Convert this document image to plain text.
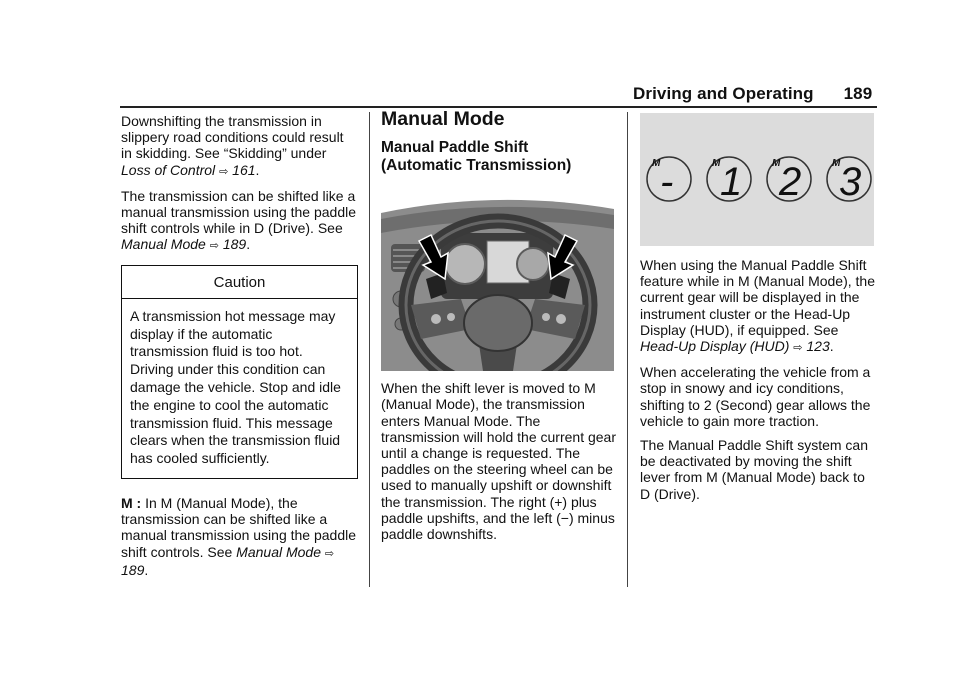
Driving and Operating 189

Downshifting the transmission in slippery road conditions could result in skidding. See “Skidding” under Loss of Control ⇨ 161.

The transmission can be shifted like a manual transmission using the paddle shift controls while in D (Drive). See Manual Mode ⇨ 189.

Caution
A transmission hot message may display if the automatic transmission fluid is too hot. Driving under this condition can damage the vehicle. Stop and idle the engine to cool the automatic transmission fluid. This message clears when the transmission fluid has cooled sufficiently.

M : In M (Manual Mode), the transmission can be shifted like a manual transmission using the paddle shift controls. See Manual Mode ⇨ 189.

Manual Mode
Manual Paddle Shift
(Automatic Transmission)

When the shift lever is moved to M (Manual Mode), the transmission enters Manual Mode. The transmission will hold the current gear until a change is requested. The paddles on the steering wheel can be used to manually upshift or downshift the transmission. The right (+) plus paddle upshifts, and the left (−) minus paddle downshifts.

M -	M 1	M
2	M
3

When using the Manual Paddle Shift feature while in M (Manual Mode), the current gear will be displayed in the instrument cluster or the Head-Up Display (HUD), if equipped. See Head-Up Display (HUD) ⇨ 123.

When accelerating the vehicle from a stop in snowy and icy conditions, shifting to 2 (Second) gear allows the vehicle to gain more traction.

The Manual Paddle Shift system can be deactivated by moving the shift lever from M (Manual Mode) back to D (Drive).
